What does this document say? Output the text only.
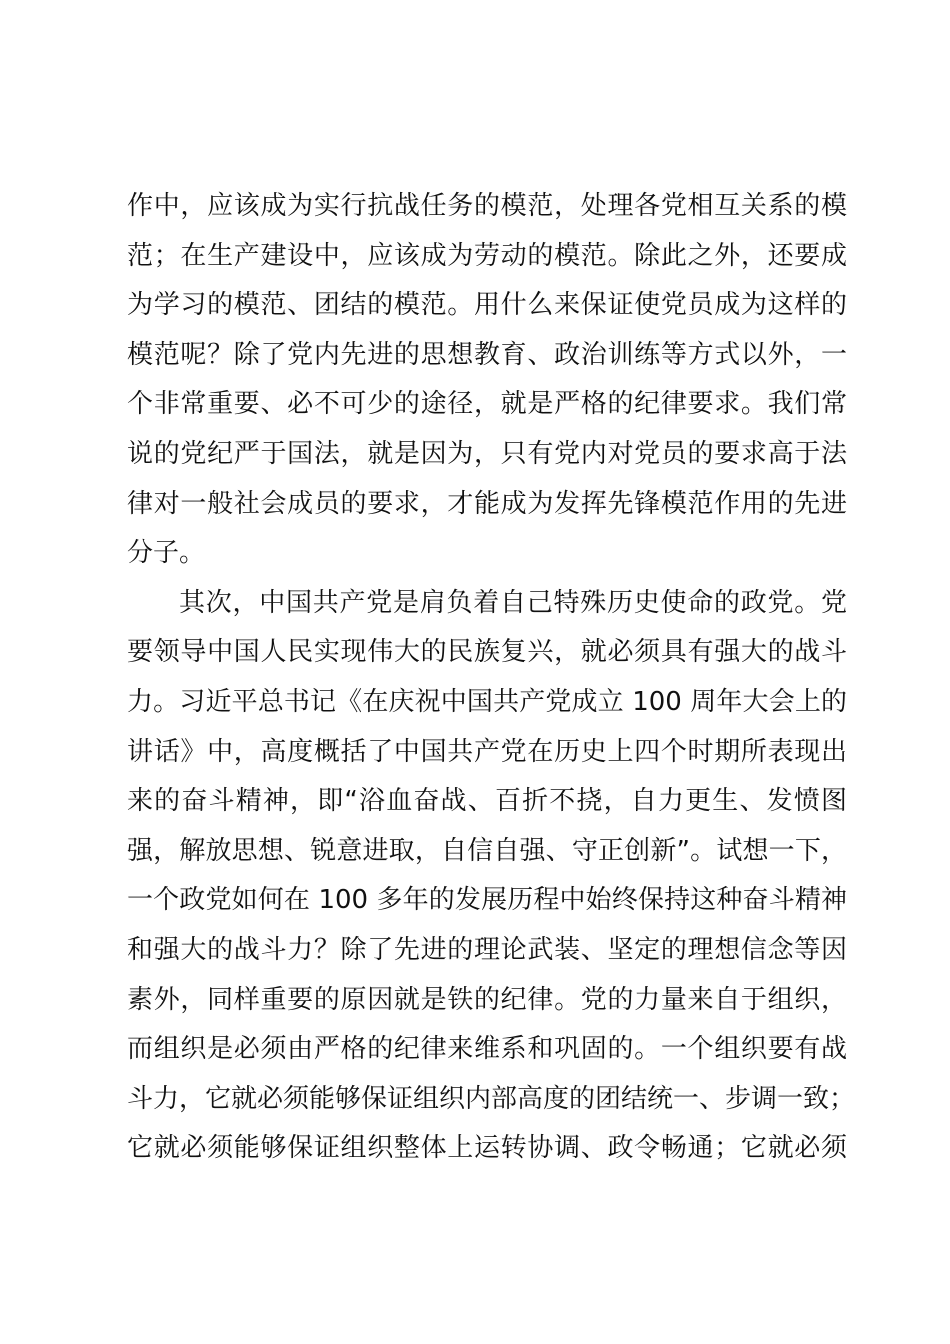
作中，应该成为实行抗战任务的模范，处理各党相互关系的模
范；在生产建设中，应该成为劳动的模范。除此之外，还要成
为学习的模范、团结的模范。用什么来保证使党员成为这样的
模范呢？除了党内先进的思想教育、政治训练等方式以外，一
个非常重要、必不可少的途径，就是严格的纪律要求。我们常
说的党纪严于国法，就是因为，只有党内对党员的要求高于法
律对一般社会成员的要求，才能成为发挥先锋模范作用的先进
分子。
其次，中国共产党是肩负着自己特殊历史使命的政党。党
要领导中国人民实现伟大的民族复兴，就必须具有强大的战斗
力。习近平总书记《在庆祝中国共产党成立 100 周年大会上的
讲话》中，高度概括了中国共产党在历史上四个时期所表现出
来的奋斗精神，即“浴血奋战、百折不挠，自力更生、发愤图
强，解放思想、锐意进取，自信自强、守正创新”。试想一下，
一个政党如何在 100 多年的发展历程中始终保持这种奋斗精神
和强大的战斗力？除了先进的理论武装、坚定的理想信念等因
素外，同样重要的原因就是铁的纪律。党的力量来自于组织，
而组织是必须由严格的纪律来维系和巩固的。一个组织要有战
斗力，它就必须能够保证组织内部高度的团结统一、步调一致；
它就必须能够保证组织整体上运转协调、政令畅通；它就必须
